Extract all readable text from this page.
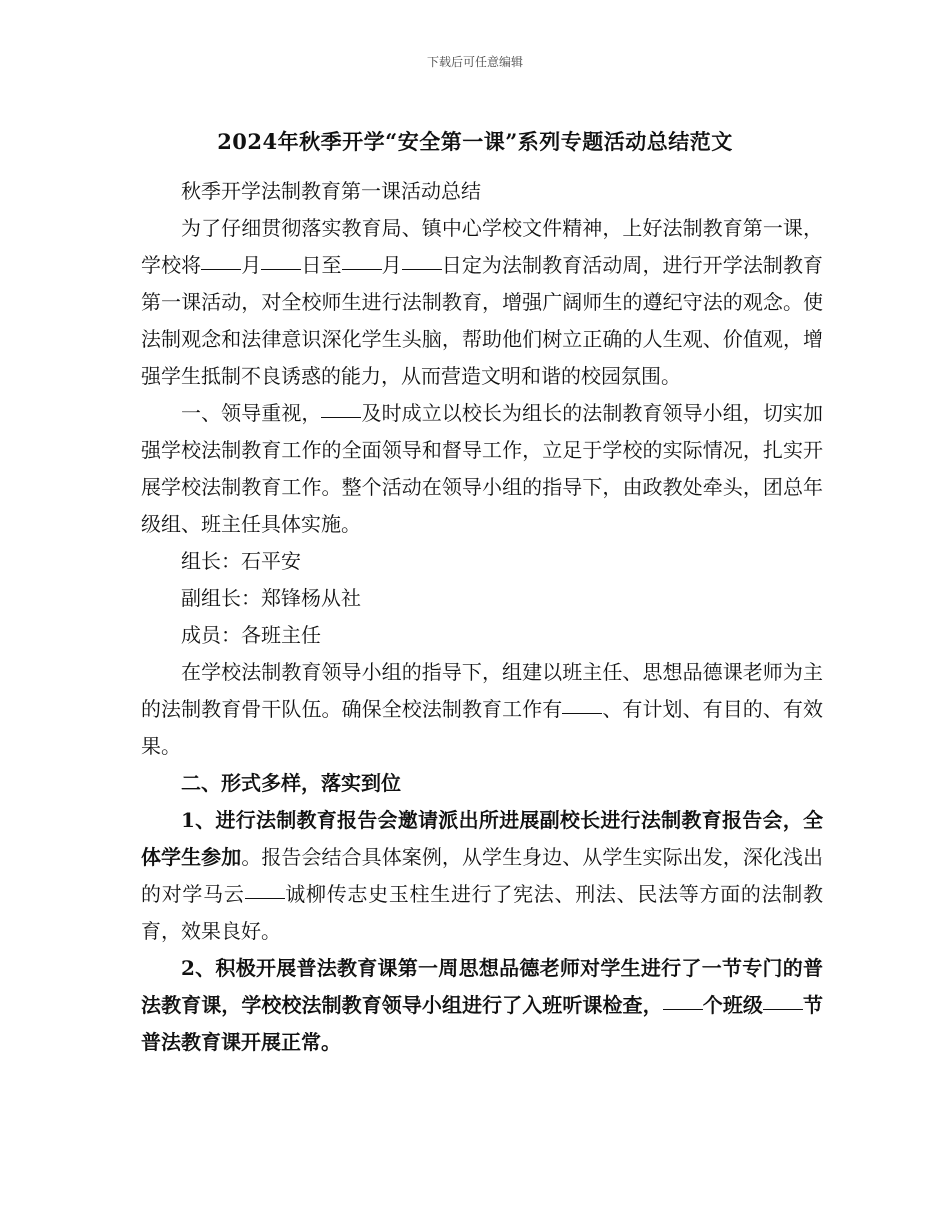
下载后可任意编辑
2024年秋季开学“安全第一课”系列专题活动总结范文

秋季开学法制教育第一课活动总结

为了仔细贯彻落实教育局、镇中心学校文件精神，上好法制教育第一课，学校将 月 日至 月 日定为法制教育活动周，进行开学法制教育第一课活动，对全校师生进行法制教育，增强广阔师生的遵纪守法的观念。使法制观念和法律意识深化学生头脑，帮助他们树立正确的人生观、价值观，增强学生抵制不良诱惑的能力，从而营造文明和谐的校园氛围。

一、领导重视， 及时成立以校长为组长的法制教育领导小组，切实加强学校法制教育工作的全面领导和督导工作，立足于学校的实际情况，扎实开展学校法制教育工作。整个活动在领导小组的指导下，由政教处牵头，团总年级组、班主任具体实施。

组长：石平安

副组长：郑锋杨从社

成员：各班主任

在学校法制教育领导小组的指导下，组建以班主任、思想品德课老师为主的法制教育骨干队伍。确保全校法制教育工作有 、有计划、有目的、有效果。

二、形式多样，落实到位

1、进行法制教育报告会邀请派出所进展副校长进行法制教育报告会，全体学生参加。报告会结合具体案例，从学生身边、从学生实际出发，深化浅出的对学马云 诚柳传志史玉柱生进行了宪法、刑法、民法等方面的法制教育，效果良好。

2、积极开展普法教育课第一周思想品德老师对学生进行了一节专门的普法教育课，学校校法制教育领导小组进行了入班听课检查， 个班级 节普法教育课开展正常。
